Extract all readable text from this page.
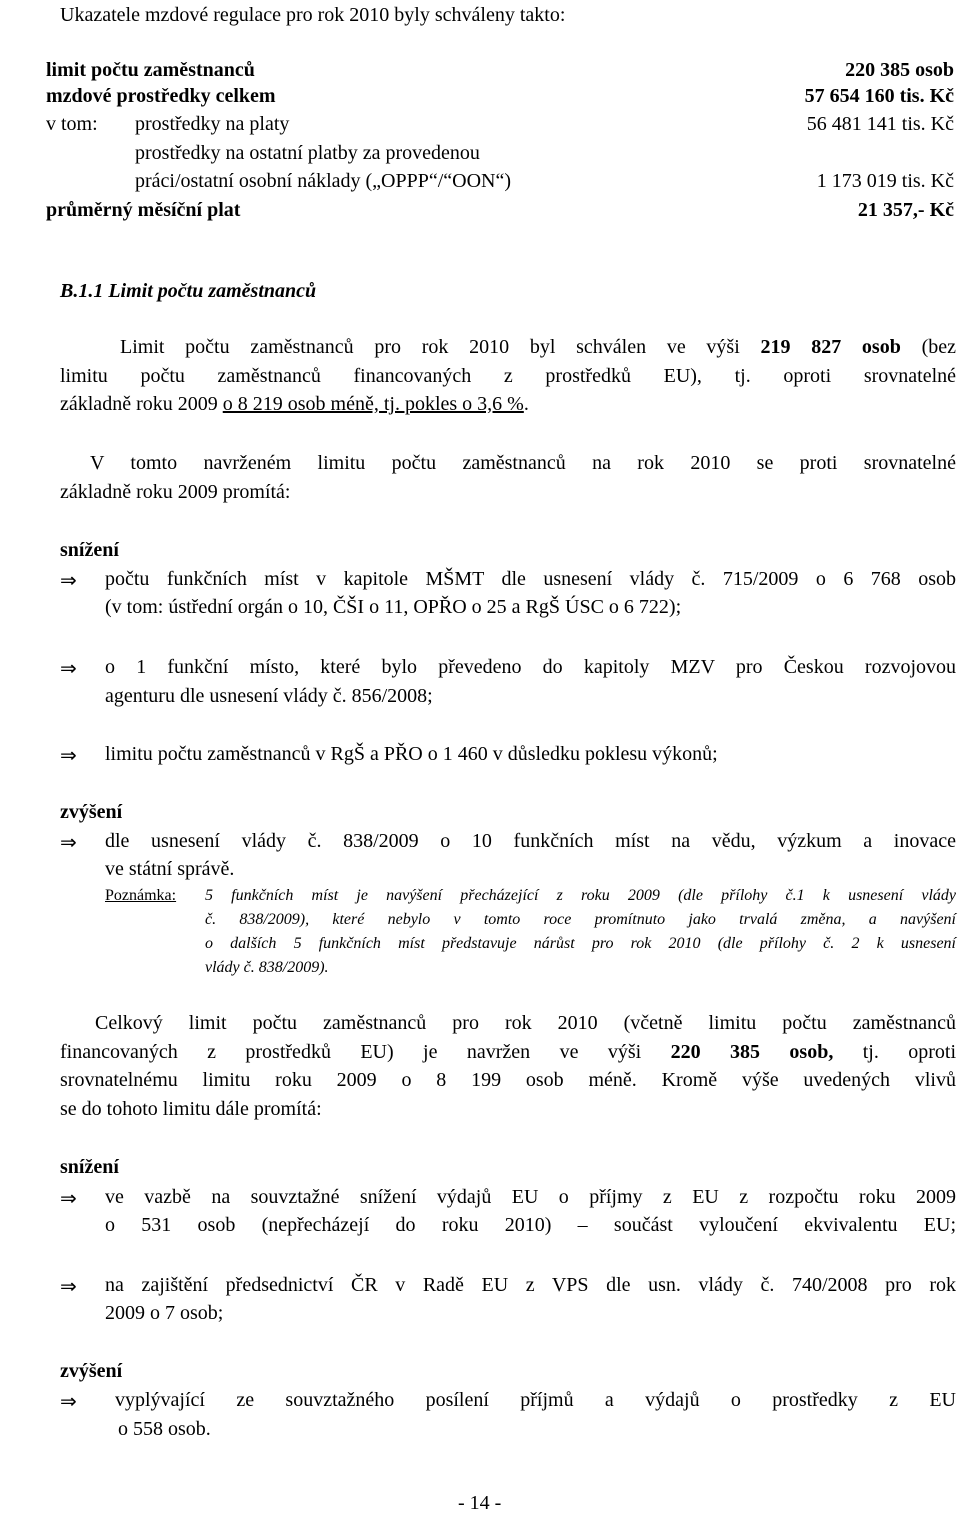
Ukazatele mzdové regulace pro rok 2010 byly schváleny takto:
limit počtu zaměstnanců	220 385 osob
mzdové prostředky celkem	57 654 160 tis. Kč
v tom: prostředky na platy	56 481 141 tis. Kč
prostředky na ostatní platby za provedenou
práci/ostatní osobní náklady („OPPP“/“OON“)	1 173 019 tis. Kč
průměrný měsíční plat	21 357,- Kč
B.1.1 Limit počtu zaměstnanců
Limit počtu zaměstnanců pro rok 2010 byl schválen ve výši 219 827 osob (bez
limitu počtu zaměstnanců financovaných z prostředků EU), tj. oproti srovnatelné
základně roku 2009 o 8 219 osob méně, tj. pokles o 3,6 %.
V tomto navrženém limitu počtu zaměstnanců na rok 2010 se proti srovnatelné
základně roku 2009 promítá:
snížení
⇒ počtu funkčních míst v kapitole MŠMT dle usnesení vlády č. 715/2009 o 6 768 osob
(v tom: ústřední orgán o 10, ČŠI o 11, OPŘO o 25 a RgŠ ÚSC o 6 722);
⇒ o 1 funkční místo, které bylo převedeno do kapitoly MZV pro Českou rozvojovou
agenturu dle usnesení vlády č. 856/2008;
⇒ limitu počtu zaměstnanců v RgŠ a PŘO o 1 460 v důsledku poklesu výkonů;
zvýšení
⇒ dle usnesení vlády č. 838/2009 o 10 funkčních míst na vědu, výzkum a inovace
ve státní správě.
Poznámka: 5 funkčních míst je navýšení přecházející z roku 2009 (dle přílohy č.1 k usnesení vlády
č. 838/2009), které nebylo v tomto roce promítnuto jako trvalá změna, a navýšení
o dalších 5 funkčních míst představuje nárůst pro rok 2010 (dle přílohy č. 2 k usnesení
vlády č. 838/2009).
Celkový limit počtu zaměstnanců pro rok 2010 (včetně limitu počtu zaměstnanců
financovaných z prostředků EU) je navržen ve výši 220 385 osob, tj. oproti
srovnatelnému limitu roku 2009 o 8 199 osob méně. Kromě výše uvedených vlivů
se do tohoto limitu dále promítá:
snížení
⇒ ve vazbě na souvztažné snížení výdajů EU o příjmy z EU z rozpočtu roku 2009
o 531 osob (nepřecházejí do roku 2010) – součást vyloučení ekvivalentu EU;
⇒ na zajištění předsednictví ČR v Radě EU z VPS dle usn. vlády č. 740/2008 pro rok
2009 o 7 osob;
zvýšení
⇒ vyplývající ze souvztažného posílení příjmů a výdajů o prostředky z EU
o 558 osob.
- 14 -
